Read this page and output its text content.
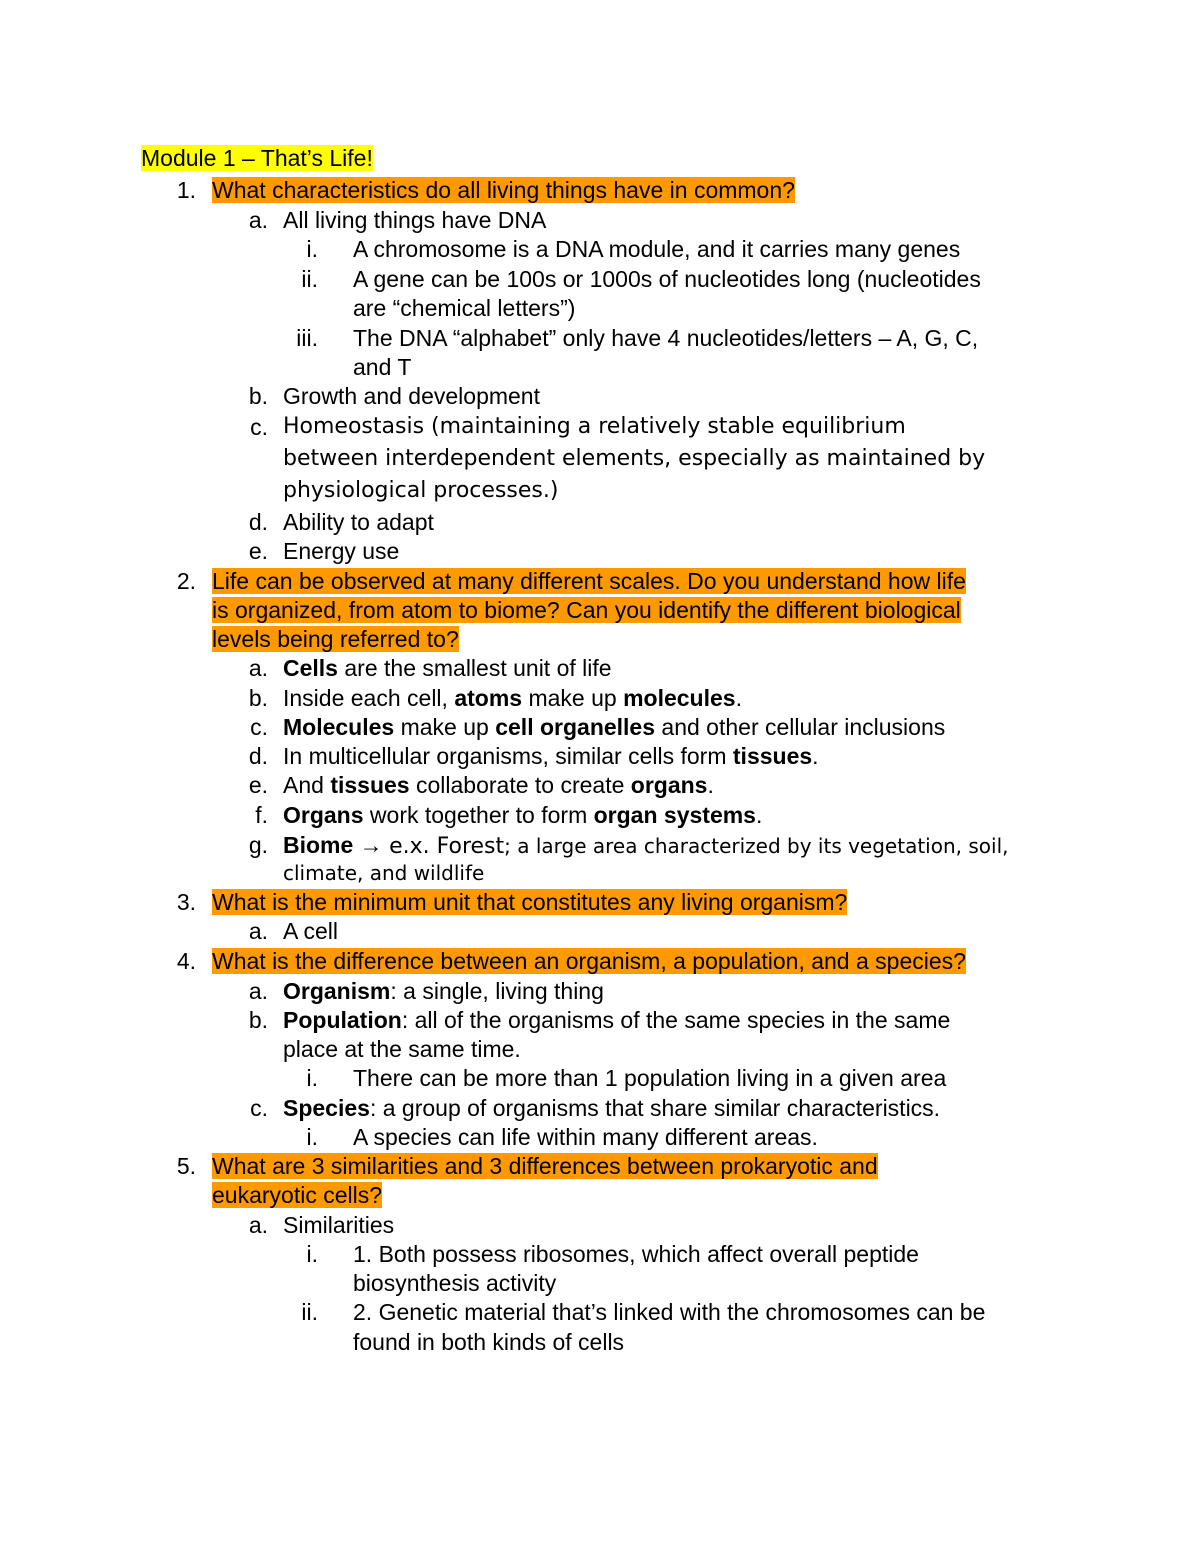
Module 1 – That’s Life!
1. What characteristics do all living things have in common?
a. All living things have DNA
i. A chromosome is a DNA module, and it carries many genes
ii. A gene can be 100s or 1000s of nucleotides long (nucleotides
are “chemical letters”)
iii. The DNA “alphabet” only have 4 nucleotides/letters – A, G, C,
and T
b. Growth and development
c. Homeostasis (maintaining a relatively stable equilibrium
between interdependent elements, especially as maintained by
physiological processes.)
d. Ability to adapt
e. Energy use
2. Life can be observed at many different scales. Do you understand how life
is organized, from atom to biome? Can you identify the different biological
levels being referred to?
a. Cells are the smallest unit of life
b. Inside each cell, atoms make up molecules.
c. Molecules make up cell organelles and other cellular inclusions
d. In multicellular organisms, similar cells form tissues.
e. And tissues collaborate to create organs.
f. Organs work together to form organ systems.
g. Biome → e.x. Forest; a large area characterized by its vegetation, soil,
climate, and wildlife
3. What is the minimum unit that constitutes any living organism?
a. A cell
4. What is the difference between an organism, a population, and a species?
a. Organism: a single, living thing
b. Population: all of the organisms of the same species in the same
place at the same time.
i. There can be more than 1 population living in a given area
c. Species: a group of organisms that share similar characteristics.
i. A species can life within many different areas.
5. What are 3 similarities and 3 differences between prokaryotic and
eukaryotic cells?
a. Similarities
i. 1. Both possess ribosomes, which affect overall peptide
biosynthesis activity
ii. 2. Genetic material that’s linked with the chromosomes can be
found in both kinds of cells
